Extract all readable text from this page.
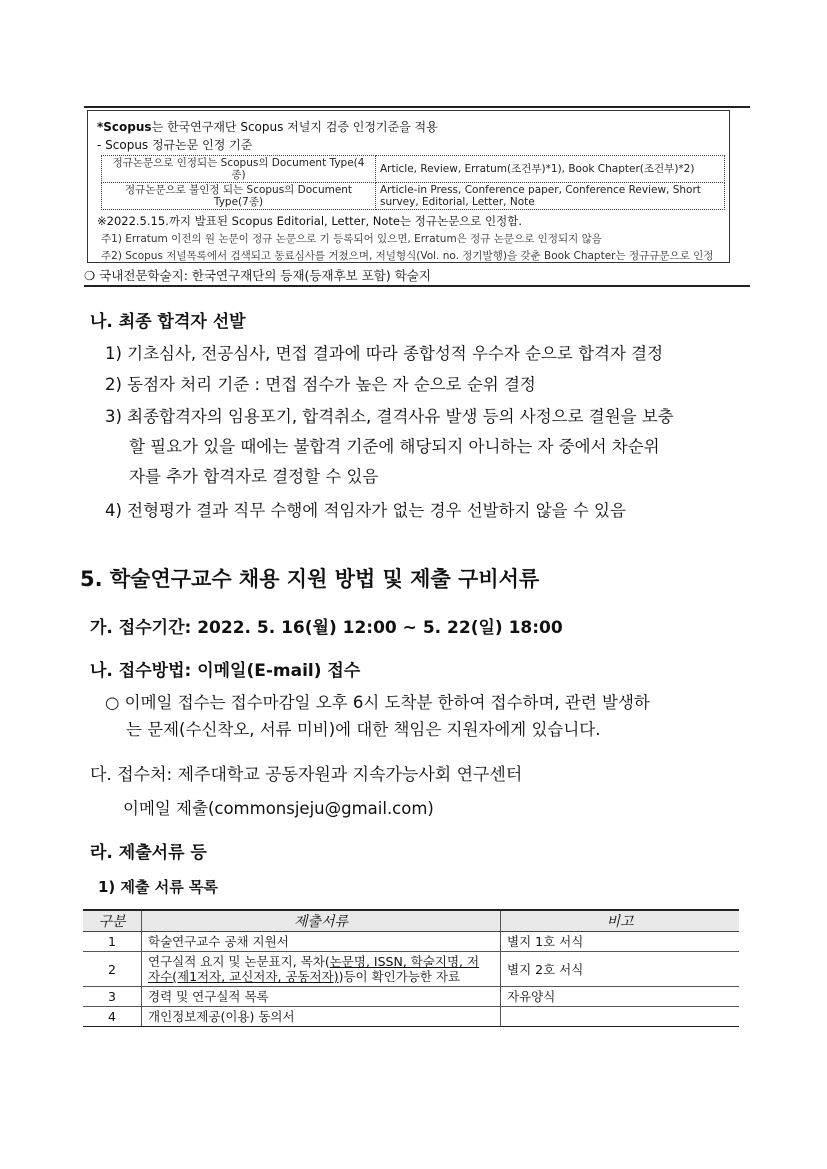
*Scopus는 한국연구재단 Scopus 저널지 검증 인정기준을 적용
- Scopus 정규논문 인정 기준
정규논문으로 인정되는 Scopus의 Document Type(4종)	Article, Review, Erratum(조건부)*1), Book Chapter(조건부)*2)
정규논문으로 불인정 되는 Scopus의 Document Type(7종)	Article-in Press, Conference paper, Conference Review, Short survey, Editorial, Letter, Note
※2022.5.15.까지 발표된 Scopus Editorial, Letter, Note는 정규논문으로 인정함.
주1) Erratum 이전의 원 논문이 정규 논문으로 기 등록되어 있으면, Erratum은 정규 논문으로 인정되지 않음
주2) Scopus 저널목록에서 검색되고 동료심사를 거쳤으며, 저널형식(Vol. no. 정기발행)을 갖춘 Book Chapter는 정규규문으로 인정
❍ 국내전문학술지: 한국연구재단의 등재(등재후보 포함) 학술지
나. 최종 합격자 선발
1) 기초심사, 전공심사, 면접 결과에 따라 종합성적 우수자 순으로 합격자 결정
2) 동점자 처리 기준 : 면접 점수가 높은 자 순으로 순위 결정
3) 최종합격자의 임용포기, 합격취소, 결격사유 발생 등의 사정으로 결원을 보충
할 필요가 있을 때에는 불합격 기준에 해당되지 아니하는 자 중에서 차순위
자를 추가 합격자로 결정할 수 있음
4) 전형평가 결과 직무 수행에 적임자가 없는 경우 선발하지 않을 수 있음
5. 학술연구교수 채용 지원 방법 및 제출 구비서류
가. 접수기간: 2022. 5. 16(월) 12:00 ~ 5. 22(일) 18:00
나. 접수방법: 이메일(E-mail) 접수
○ 이메일 접수는 접수마감일 오후 6시 도착분 한하여 접수하며, 관련 발생하
는 문제(수신착오, 서류 미비)에 대한 책임은 지원자에게 있습니다.
다. 접수처: 제주대학교 공동자원과 지속가능사회 연구센터
이메일 제출(commonsjeju@gmail.com)
라. 제출서류 등
1) 제출 서류 목록
구분	제출서류	비고
1	학술연구교수 공채 지원서	별지 1호 서식
2	연구실적 요지 및 논문표지, 목차(논문명, ISSN, 학술지명, 저자수(제1저자, 교신저자, 공동저자))등이 확인가능한 자료	별지 2호 서식
3	경력 및 연구실적 목록	자유양식
4	개인정보제공(이용) 동의서	
